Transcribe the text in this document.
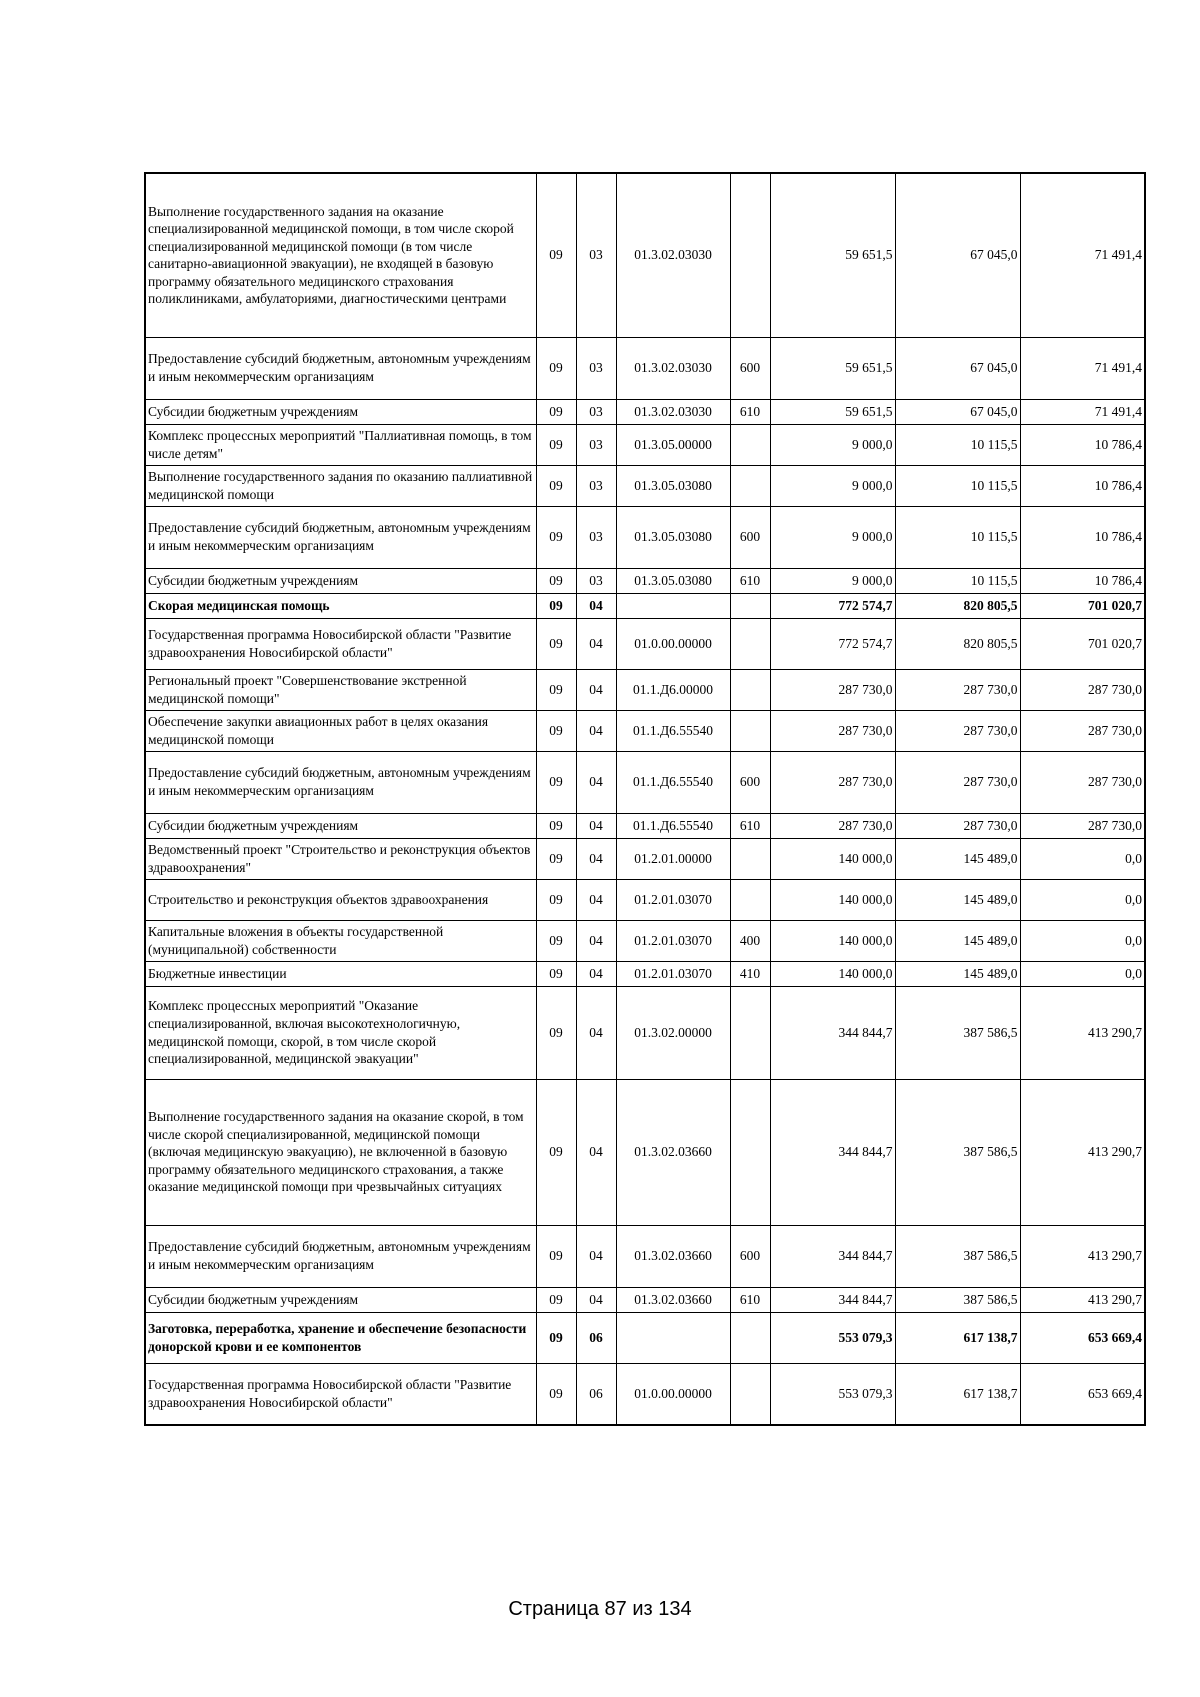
Выполнение государственного задания на оказание специализированной медицинской помощи, в том числе скорой специализированной медицинской помощи (в том числе санитарно-авиационной эвакуации), не входящей в базовую программу обязательного медицинского страхования поликлиниками, амбулаториями, диагностическими центрами	09	03	01.3.02.03030		59 651,5	67 045,0	71 491,4
Предоставление субсидий бюджетным, автономным учреждениям и иным некоммерческим организациям	09	03	01.3.02.03030	600	59 651,5	67 045,0	71 491,4
Субсидии бюджетным учреждениям	09	03	01.3.02.03030	610	59 651,5	67 045,0	71 491,4
Комплекс процессных мероприятий "Паллиативная помощь, в том числе детям"	09	03	01.3.05.00000		9 000,0	10 115,5	10 786,4
Выполнение государственного задания по оказанию паллиативной медицинской помощи	09	03	01.3.05.03080		9 000,0	10 115,5	10 786,4
Предоставление субсидий бюджетным, автономным учреждениям и иным некоммерческим организациям	09	03	01.3.05.03080	600	9 000,0	10 115,5	10 786,4
Субсидии бюджетным учреждениям	09	03	01.3.05.03080	610	9 000,0	10 115,5	10 786,4
Скорая медицинская помощь	09	04			772 574,7	820 805,5	701 020,7
Государственная программа Новосибирской области "Развитие здравоохранения Новосибирской области"	09	04	01.0.00.00000		772 574,7	820 805,5	701 020,7
Региональный проект "Совершенствование экстренной медицинской помощи"	09	04	01.1.Д6.00000		287 730,0	287 730,0	287 730,0
Обеспечение закупки авиационных работ в целях оказания медицинской помощи	09	04	01.1.Д6.55540		287 730,0	287 730,0	287 730,0
Предоставление субсидий бюджетным, автономным учреждениям и иным некоммерческим организациям	09	04	01.1.Д6.55540	600	287 730,0	287 730,0	287 730,0
Субсидии бюджетным учреждениям	09	04	01.1.Д6.55540	610	287 730,0	287 730,0	287 730,0
Ведомственный проект "Строительство и реконструкция объектов здравоохранения"	09	04	01.2.01.00000		140 000,0	145 489,0	0,0
Строительство и реконструкция объектов здравоохранения	09	04	01.2.01.03070		140 000,0	145 489,0	0,0
Капитальные вложения в объекты государственной (муниципальной) собственности	09	04	01.2.01.03070	400	140 000,0	145 489,0	0,0
Бюджетные инвестиции	09	04	01.2.01.03070	410	140 000,0	145 489,0	0,0
Комплекс процессных мероприятий "Оказание специализированной, включая высокотехнологичную, медицинской помощи, скорой, в том числе скорой специализированной, медицинской эвакуации"	09	04	01.3.02.00000		344 844,7	387 586,5	413 290,7
Выполнение государственного задания на оказание скорой, в том числе скорой специализированной, медицинской помощи (включая медицинскую эвакуацию), не включенной в базовую программу обязательного медицинского страхования, а также оказание медицинской помощи при чрезвычайных ситуациях	09	04	01.3.02.03660		344 844,7	387 586,5	413 290,7
Предоставление субсидий бюджетным, автономным учреждениям и иным некоммерческим организациям	09	04	01.3.02.03660	600	344 844,7	387 586,5	413 290,7
Субсидии бюджетным учреждениям	09	04	01.3.02.03660	610	344 844,7	387 586,5	413 290,7
Заготовка, переработка, хранение и обеспечение безопасности донорской крови и ее компонентов	09	06			553 079,3	617 138,7	653 669,4
Государственная программа Новосибирской области "Развитие здравоохранения Новосибирской области"	09	06	01.0.00.00000		553 079,3	617 138,7	653 669,4
Страница 87 из 134
